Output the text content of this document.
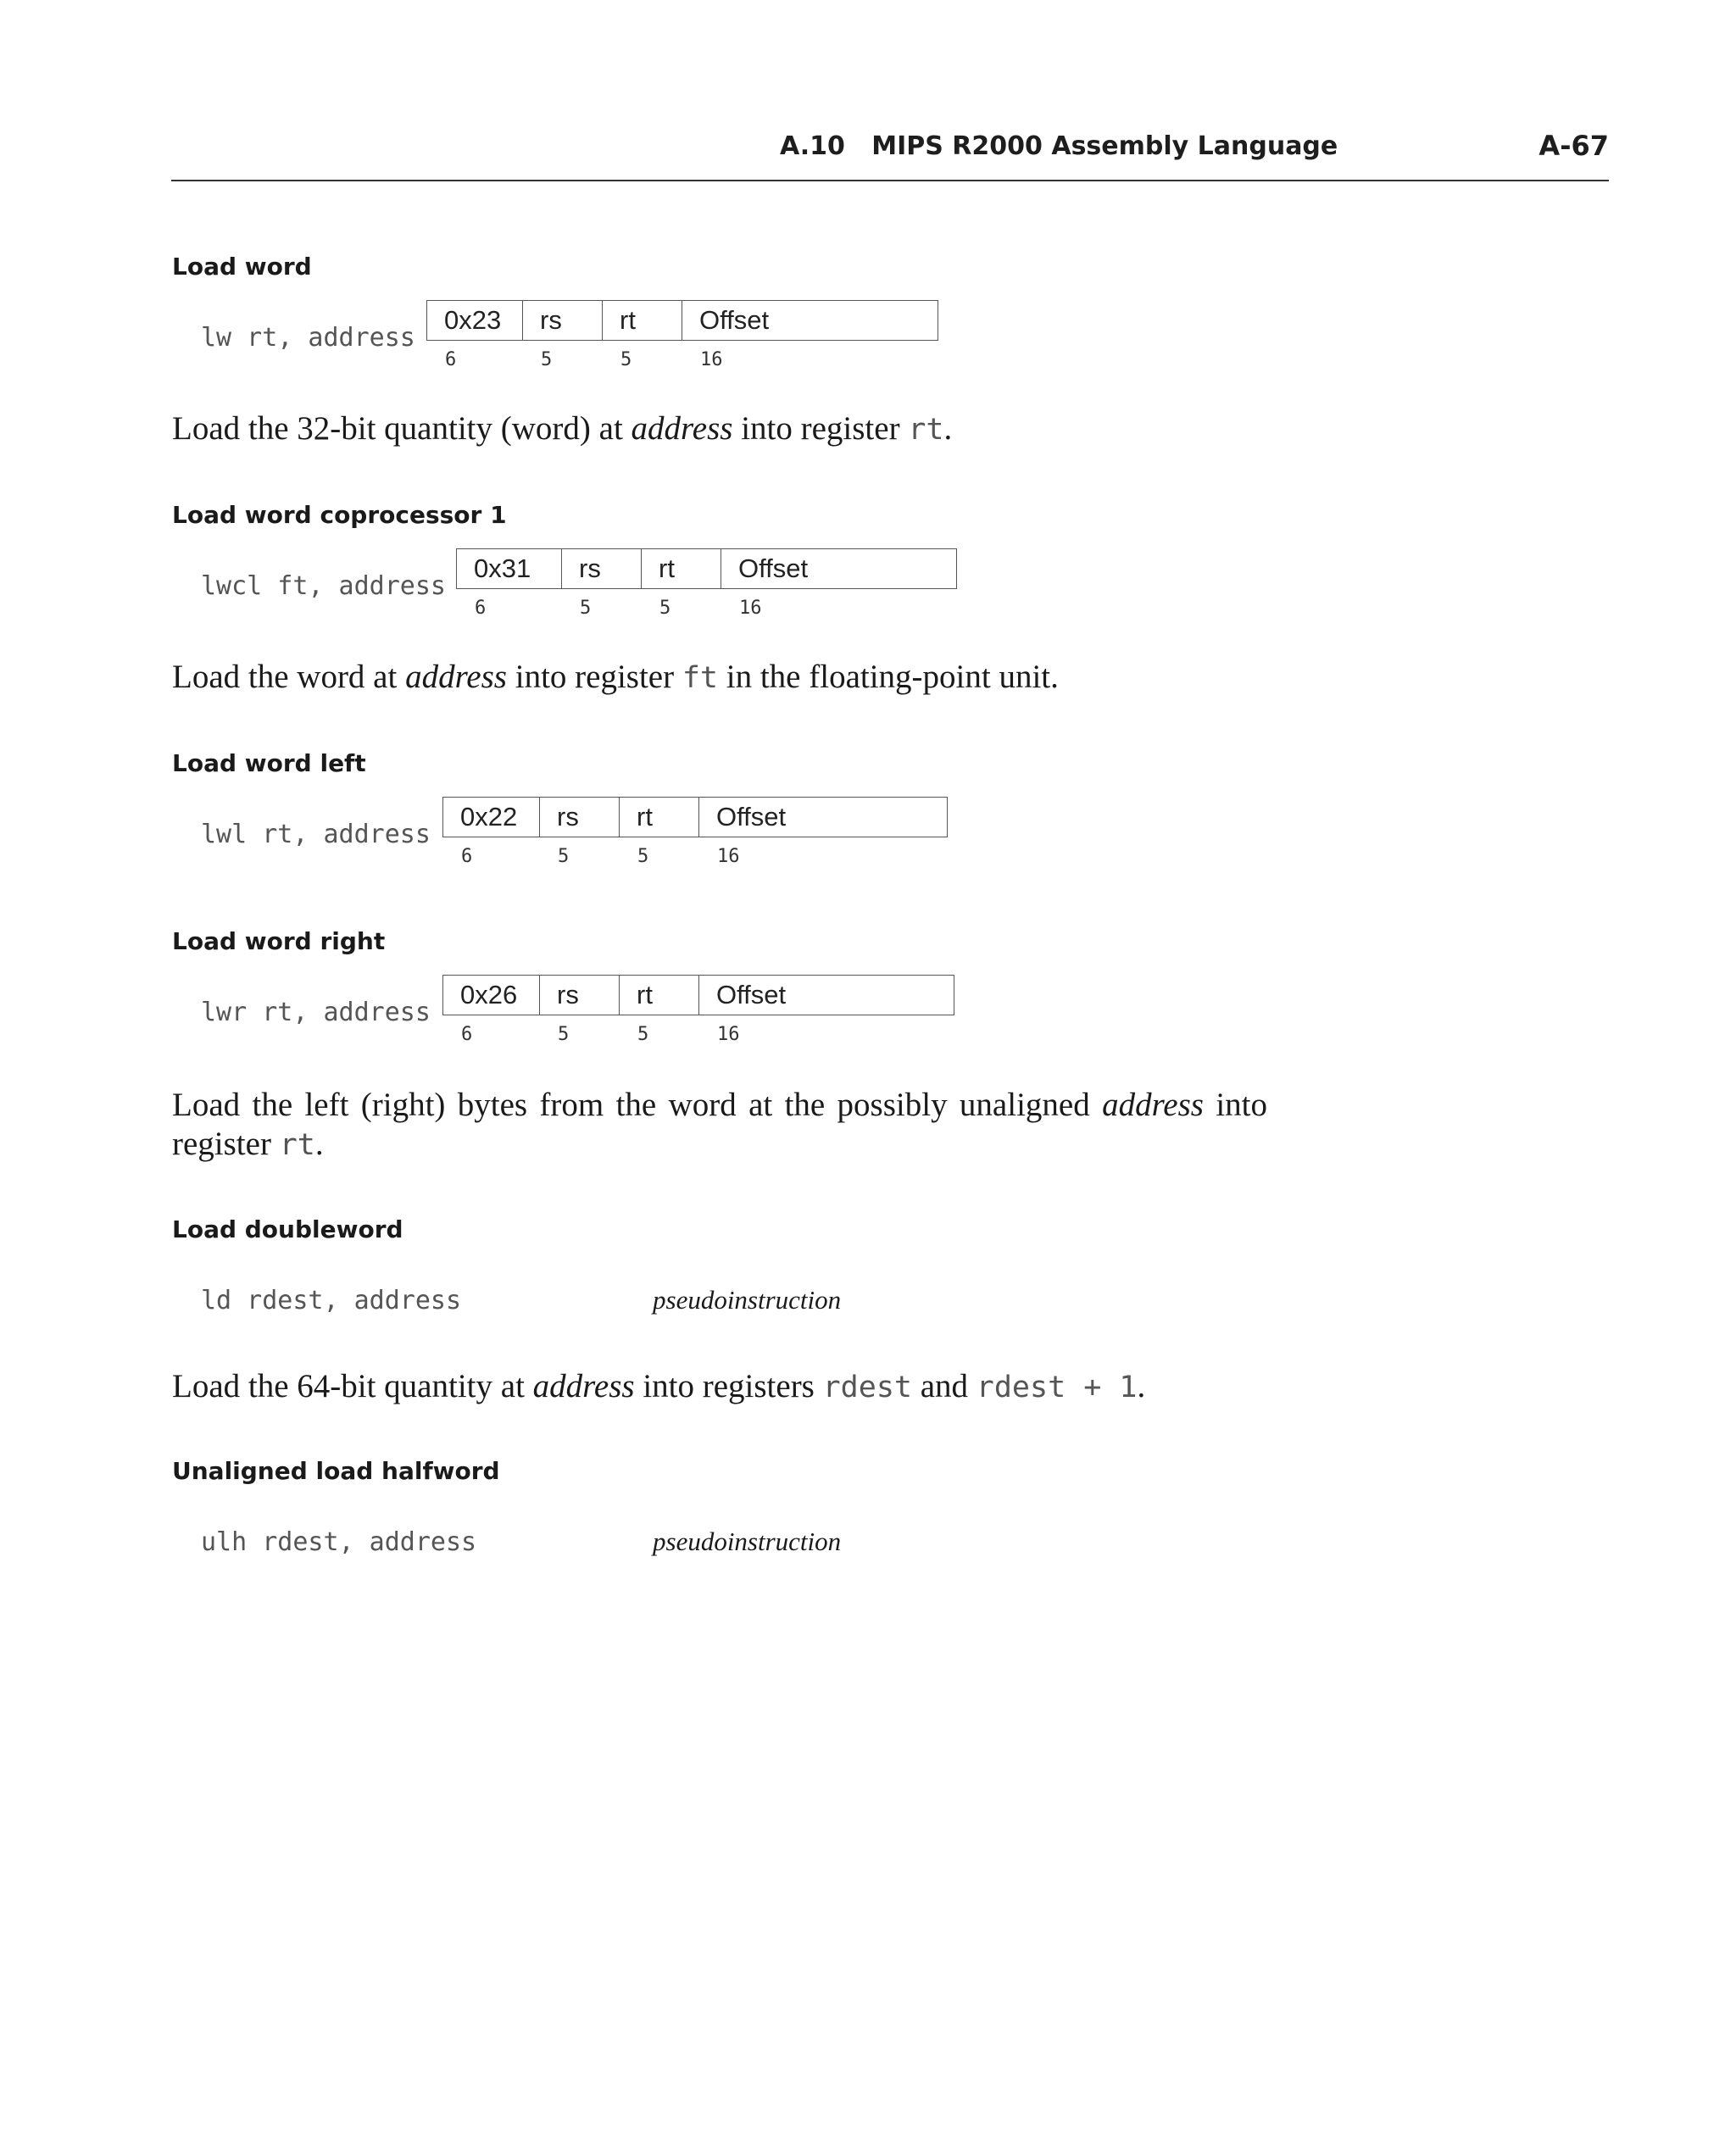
A.10   MIPS R2000 Assembly Language	A-67
Load word
lw rt, address
0x23	rs	rt	Offset
6	5	5	16
Load the 32-bit quantity (word) at address into register rt.
Load word coprocessor 1
lwcl ft, address
0x31	rs	rt	Offset
6	5	5	16
Load the word at address into register ft in the floating-point unit.
Load word left
lwl rt, address
0x22	rs	rt	Offset
6	5	5	16
Load word right
lwr rt, address
0x26	rs	rt	Offset
6	5	5	16
Load the left (right) bytes from the word at the possibly unaligned address into register rt.
Load doubleword
ld rdest, address	pseudoinstruction
Load the 64-bit quantity at address into registers rdest and rdest + 1.
Unaligned load halfword
ulh rdest, address	pseudoinstruction
